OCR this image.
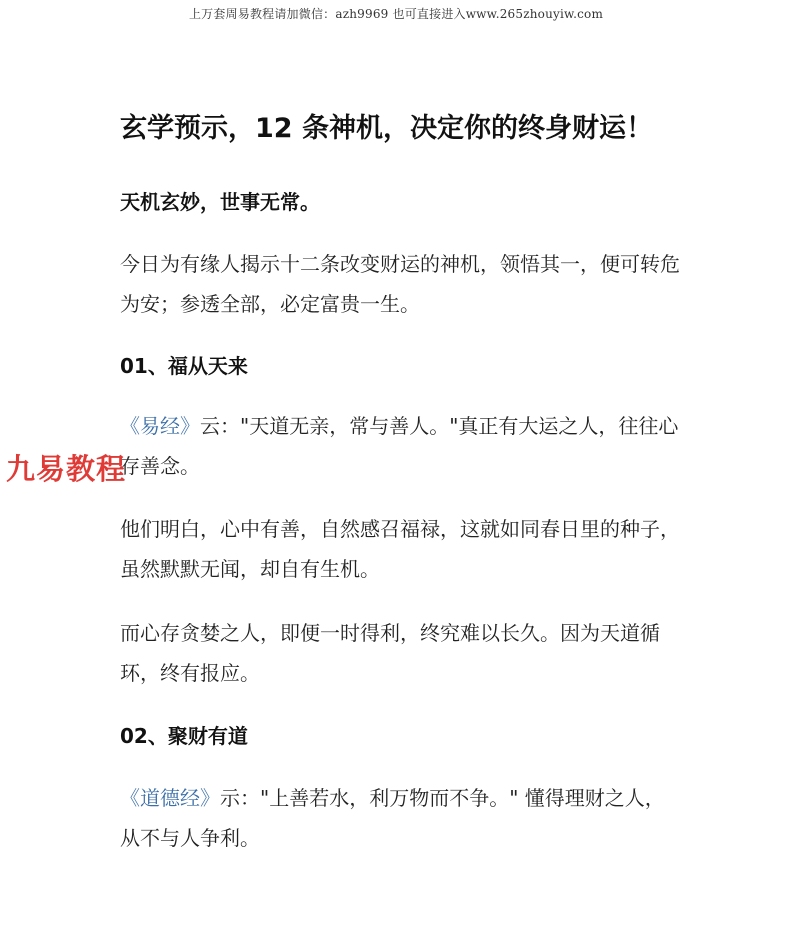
上万套周易教程请加微信：azh9969 也可直接进入www.265zhouyiw.com
玄学预示，12 条神机，决定你的终身财运！
天机玄妙，世事无常。
今日为有缘人揭示十二条改变财运的神机，领悟其一，便可转危为安；参透全部，必定富贵一生。
01、福从天来
《易经》云："天道无亲，常与善人。"真正有大运之人，往往心存善念。
他们明白，心中有善，自然感召福禄，这就如同春日里的种子，虽然默默无闻，却自有生机。
而心存贪婪之人，即便一时得利，终究难以长久。因为天道循环，终有报应。
02、聚财有道
《道德经》示："上善若水，利万物而不争。" 懂得理财之人，从不与人争利。
九易教程
